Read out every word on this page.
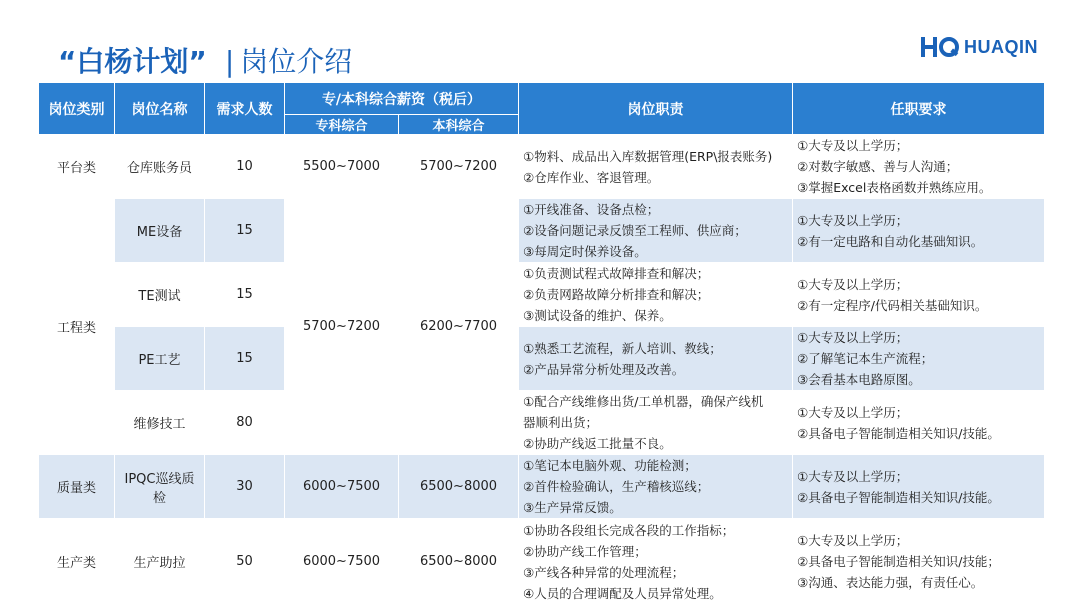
“白杨计划” | 岗位介绍	HUAQIN
岗位类别	岗位名称	需求人数	专/本科综合薪资（税后）		岗位职责	任职要求
			专科综合	本科综合		
平台类	仓库账务员	10	5500~7000	5700~7200	①物料、成品出入库数据管理(ERP\报表账务)
②仓库作业、客退管理。	①大专及以上学历；
②对数字敏感、善与人沟通；
③掌握Excel表格函数并熟练应用。

工程类	ME设备	15	5700~7200	6200~7700	①开线准备、设备点检；
②设备问题记录反馈至工程师、供应商；
③每周定时保养设备。	①大专及以上学历；
②有一定电路和自动化基础知识。

	TE测试	15			①负责测试程式故障排查和解决；
②负责网路故障分析排查和解决；
③测试设备的维护、保养。	①大专及以上学历；
②有一定程序/代码相关基础知识。

	PE工艺	15			①熟悉工艺流程，新人培训、教线；
②产品异常分析处理及改善。	①大专及以上学历；
②了解笔记本生产流程；
③会看基本电路原图。

	维修技工	80			①配合产线维修出货/工单机器，确保产线机
器顺利出货；
②协助产线返工批量不良。	①大专及以上学历；
②具备电子智能制造相关知识/技能。

质量类	IPQC巡线质检	30	6000~7500	6500~8000	①笔记本电脑外观、功能检测；
②首件检验确认，生产稽核巡线；
③生产异常反馈。	①大专及以上学历；
②具备电子智能制造相关知识/技能。

生产类	生产助拉	50	6000~7500	6500~8000	①协助各段组长完成各段的工作指标；
②协助产线工作管理；
③产线各种异常的处理流程；
④人员的合理调配及人员异常处理。	①大专及以上学历；
②具备电子智能制造相关知识/技能；
③沟通、表达能力强，有责任心。
